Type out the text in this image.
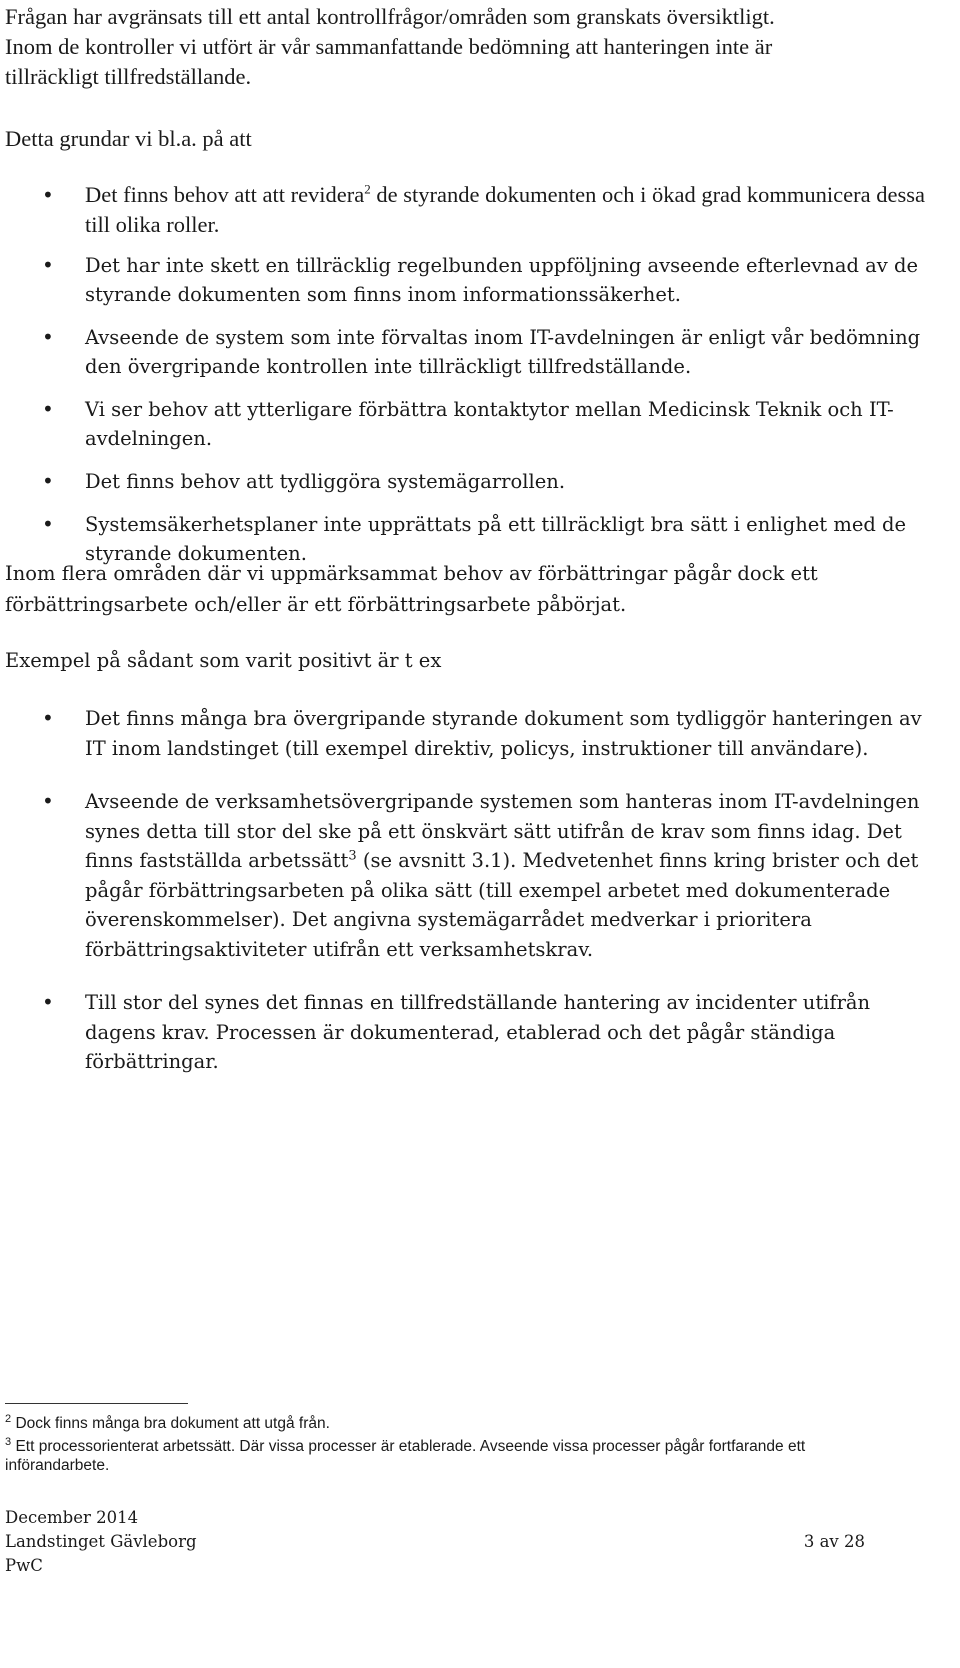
Frågan har avgränsats till ett antal kontrollfrågor/områden som granskats översiktligt.
Inom de kontroller vi utfört är vår sammanfattande bedömning att hanteringen inte är
tillräckligt tillfredställande.
Detta grundar vi bl.a. på att
•
Det finns behov att att revidera$^2$ de styrande dokumenten och i ökad grad kommunicera dessa till olika roller.
•
Det har inte skett en tillräcklig regelbunden uppföljning avseende efterlevnad av de styrande dokumenten som finns inom informationssäkerhet.
•
Avseende de system som inte förvaltas inom IT-avdelningen är enligt vår bedömning den övergripande kontrollen inte tillräckligt tillfredställande.
•
Vi ser behov att ytterligare förbättra kontaktytor mellan Medicinsk Teknik och IT-avdelningen.
•
Det finns behov att tydliggöra systemägarrollen.
•
Systemsäkerhetsplaner inte upprättats på ett tillräckligt bra sätt i enlighet med de styrande dokumenten.
Inom flera områden där vi uppmärksammat behov av förbättringar pågår dock ett förbättringsarbete och/eller är ett förbättringsarbete påbörjat.
Exempel på sådant som varit positivt är t ex
•
Det finns många bra övergripande styrande dokument som tydliggör hanteringen av IT inom landstinget (till exempel direktiv, policys, instruktioner till användare).
•
Avseende de verksamhetsövergripande systemen som hanteras inom IT-avdelningen synes detta till stor del ske på ett önskvärt sätt utifrån de krav som finns idag. Det finns fastställda arbetssätt$^3$ (se avsnitt 3.1). Medvetenhet finns kring brister och det pågår förbättringsarbeten på olika sätt (till exempel arbetet med dokumenterade överenskommelser). Det angivna systemägarrådet medverkar i prioritera förbättringsaktiviteter utifrån ett verksamhetskrav.
•
Till stor del synes det finnas en tillfredställande hantering av incidenter utifrån dagens krav. Processen är dokumenterad, etablerad och det pågår ständiga förbättringar.
$^2$ Dock finns många bra dokument att utgå från.
$^3$ Ett processorienterat arbetssätt. Där vissa processer är etablerade. Avseende vissa processer pågår fortfarande ett införandarbete.
December 2014
Landstinget Gävleborg
PwC
3 av 28
